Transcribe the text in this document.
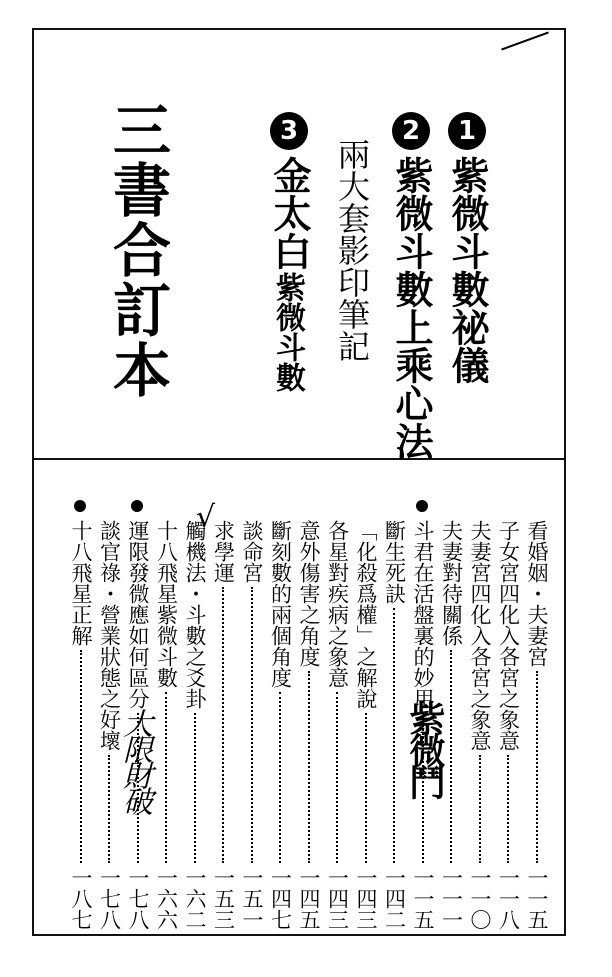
三書合訂本	1紫微斗數祕儀
2紫微斗數上乘心法
兩大套影印筆記
3金太白
紫微斗數
看婚姻・夫妻宮
一一五
子女宮四化入各宮之象意
一一八
夫妻宮四化入各宮之象意
一一〇
夫妻對待關係
一一一
斗君在活盤裏的妙用
一一五
斷生死訣
一四二
「化殺爲權」之解說
一四三
各星對疾病之象意
一四三
意外傷害之角度
一四五
斷刻數的兩個角度
一四七
談命宮
一五一
求學運
一五三
觸機法・斗數之爻卦
一六二
十八飛星紫微斗數
一六六
運限發微應如何區分
一七八
談官祿・營業狀態之好壞
一七八
十八飛星正解
一八七
√
紫微鬥
大限財破
